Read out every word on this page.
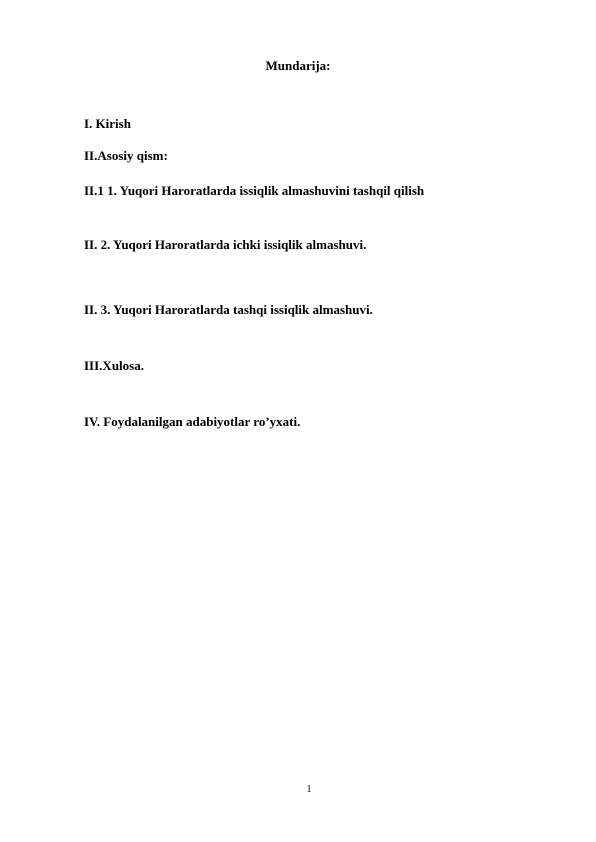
Mundarija:
I. Kirish
II.Asosiy qism:
II.1 1. Yuqori Haroratlarda issiqlik almashuvini tashqil qilish
II. 2. Yuqori Haroratlarda ichki issiqlik almashuvi.
II. 3. Yuqori Haroratlarda tashqi issiqlik almashuvi.
III.Xulosa.
IV. Foydalanilgan adabiyotlar ro’yxati.
1
